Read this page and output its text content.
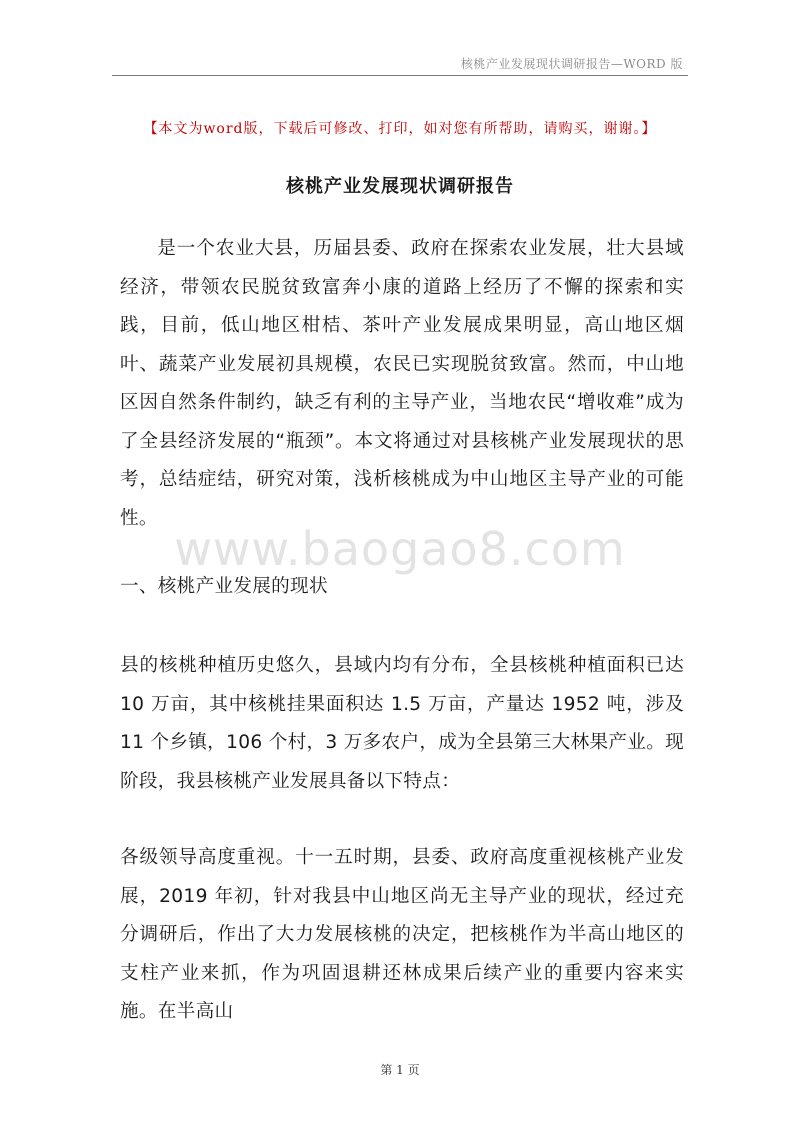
核桃产业发展现状调研报告—WORD 版
【本文为word版，下载后可修改、打印，如对您有所帮助，请购买，谢谢。】
核桃产业发展现状调研报告

是一个农业大县，历届县委、政府在探索农业发展，壮大县域经济，带领农民脱贫致富奔小康的道路上经历了不懈的探索和实践，目前，低山地区柑桔、茶叶产业发展成果明显，高山地区烟叶、蔬菜产业发展初具规模，农民已实现脱贫致富。然而，中山地区因自然条件制约，缺乏有利的主导产业，当地农民“增收难”成为了全县经济发展的“瓶颈”。本文将通过对县核桃产业发展现状的思考，总结症结，研究对策，浅析核桃成为中山地区主导产业的可能性。

www.baogao8.com

一、核桃产业发展的现状

县的核桃种植历史悠久，县域内均有分布，全县核桃种植面积已达 10 万亩，其中核桃挂果面积达 1.5 万亩，产量达 1952 吨，涉及 11 个乡镇，106 个村，3 万多农户，成为全县第三大林果产业。现阶段，我县核桃产业发展具备以下特点：

各级领导高度重视。十一五时期，县委、政府高度重视核桃产业发展，2019 年初，针对我县中山地区尚无主导产业的现状，经过充分调研后，作出了大力发展核桃的决定，把核桃作为半高山地区的支柱产业来抓，作为巩固退耕还林成果后续产业的重要内容来实施。在半高山

第 1 页
